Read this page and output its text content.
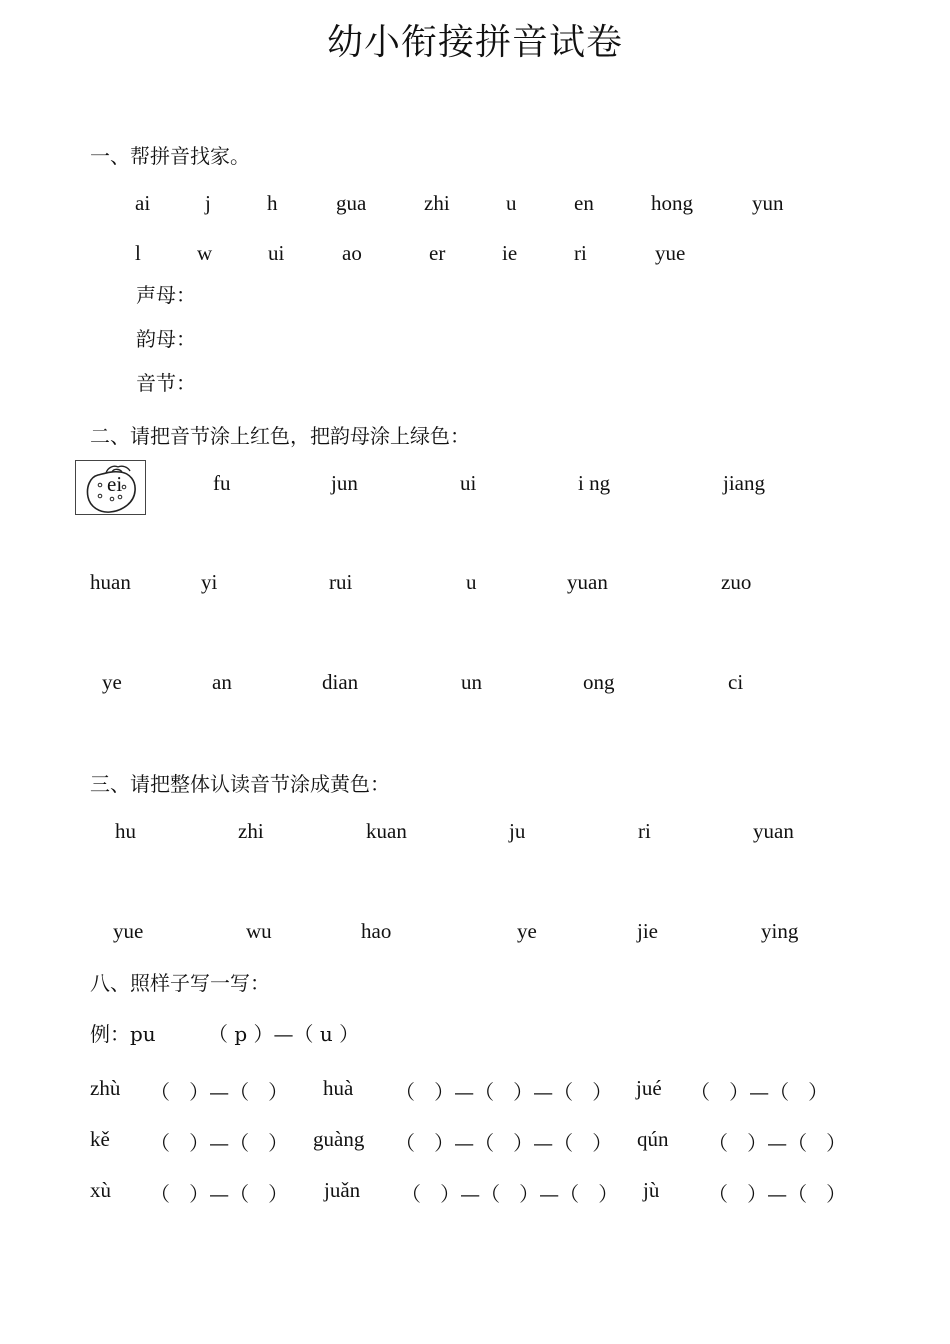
幼小衔接拼音试卷
一、帮拼音找家。
ai	j	h	gua	zhi	u	en	hong	yun
l	w	ui	ao	er	ie	ri	yue
声母：
韵母：
音节：
二、请把音节涂上红色，把韵母涂上绿色：
ei	fu	jun	ui	i ng	jiang
huan	yi	rui	u	yuan	zuo
ye	an	dian	un	ong	ci
三、请把整体认读音节涂成黄色：
hu	zhi	kuan	ju	ri	yuan
yue	wu	hao	ye	jie	ying
八、照样子写一写：
例：pu	（ p ）—（ u ）
zhù （   ）—（   ） huà （   ）—（   ）—（   ） jué （   ）—（   ）
kě （   ）—（   ） guàng （   ）—（   ）—（   ） qún （   ）—（   ）
xù （   ）—（   ） juǎn （   ）—（   ）—（   ） jù （   ）—（   ）
